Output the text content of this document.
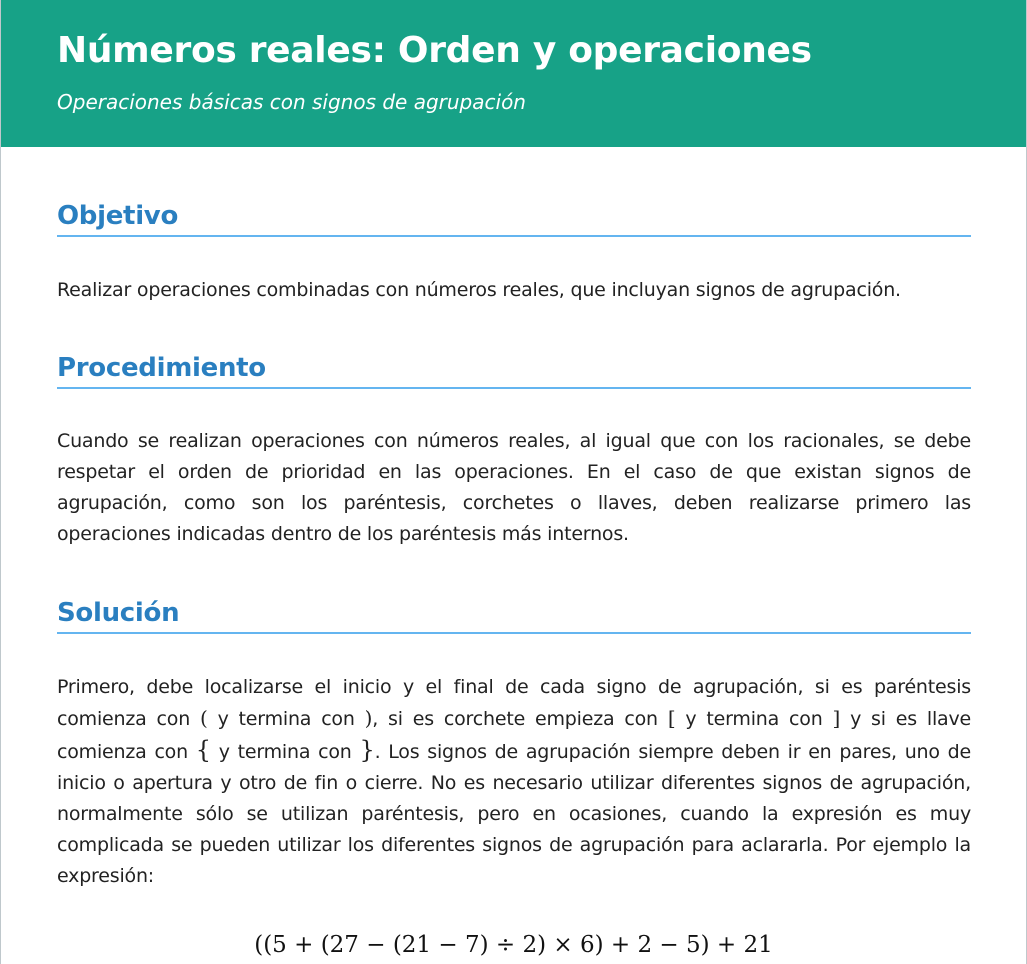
Números reales: Orden y operaciones

Operaciones básicas con signos de agrupación

Objetivo

Realizar operaciones combinadas con números reales, que incluyan signos de agrupación.

Procedimiento

Cuando se realizan operaciones con números reales, al igual que con los racionales, se debe respetar el orden de prioridad en las operaciones. En el caso de que existan signos de agrupación, como son los paréntesis, corchetes o llaves, deben realizarse primero las operaciones indicadas dentro de los paréntesis más internos.

Solución

Primero, debe localizarse el inicio y el final de cada signo de agrupación, si es paréntesis comienza con ( y termina con ), si es corchete empieza con [ y termina con ] y si es llave comienza con { y termina con }. Los signos de agrupación siempre deben ir en pares, uno de inicio o apertura y otro de fin o cierre. No es necesario utilizar diferentes signos de agrupación, normalmente sólo se utilizan paréntesis, pero en ocasiones, cuando la expresión es muy complicada se pueden utilizar los diferentes signos de agrupación para aclararla. Por ejemplo la expresión:

((5 + (27 − (21 − 7) ÷ 2) × 6) + 2 − 5) + 21
